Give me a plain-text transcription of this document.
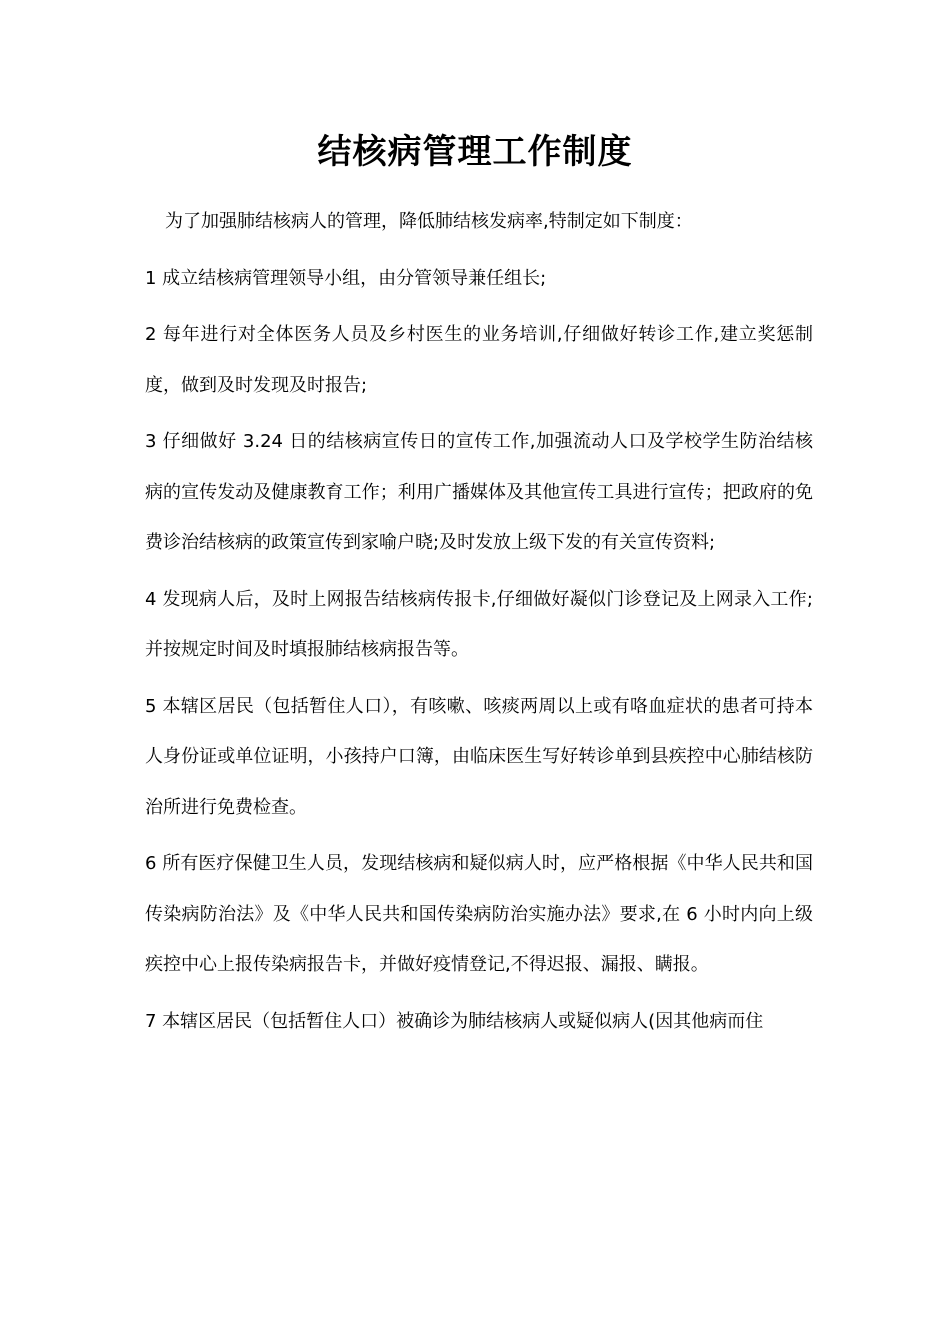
结核病管理工作制度

为了加强肺结核病人的管理，降低肺结核发病率,特制定如下制度：

1 成立结核病管理领导小组，由分管领导兼任组长;

2 每年进行对全体医务人员及乡村医生的业务培训,仔细做好转诊工作,建立奖惩制度，做到及时发现及时报告;

3 仔细做好 3.24 日的结核病宣传日的宣传工作,加强流动人口及学校学生防治结核病的宣传发动及健康教育工作；利用广播媒体及其他宣传工具进行宣传；把政府的免费诊治结核病的政策宣传到家喻户晓;及时发放上级下发的有关宣传资料;

4 发现病人后，及时上网报告结核病传报卡,仔细做好凝似门诊登记及上网录入工作; 并按规定时间及时填报肺结核病报告等。

5 本辖区居民（包括暂住人口），有咳嗽、咳痰两周以上或有咯血症状的患者可持本人身份证或单位证明，小孩持户口簿，由临床医生写好转诊单到县疾控中心肺结核防治所进行免费检查。

6 所有医疗保健卫生人员，发现结核病和疑似病人时，应严格根据《中华人民共和国传染病防治法》及《中华人民共和国传染病防治实施办法》要求,在 6 小时内向上级疾控中心上报传染病报告卡，并做好疫情登记,不得迟报、漏报、瞒报。

7 本辖区居民（包括暂住人口）被确诊为肺结核病人或疑似病人(因其他病而住
